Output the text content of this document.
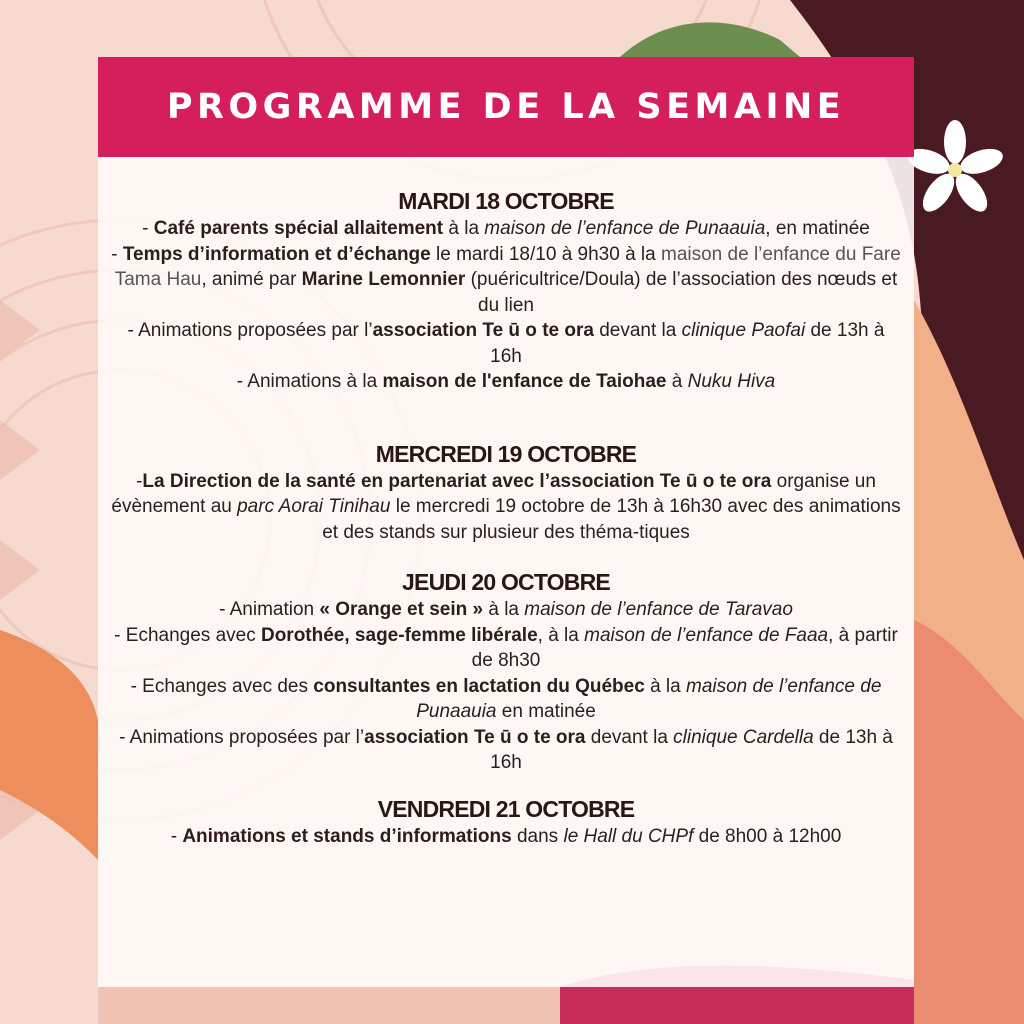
PROGRAMME DE LA SEMAINE
MARDI 18 OCTOBRE

- Café parents spécial allaitement à la maison de l’enfance de Punaauia, en matinée

- Temps d’information et d’échange le mardi 18/10 à 9h30 à la maison de l’enfance du Fare Tama Hau, animé par Marine Lemonnier (puéricultrice/Doula) de l’association des nœuds et du lien

- Animations proposées par l’association Te ū o te ora devant la clinique Paofai de 13h à 16h

- Animations à la maison de l'enfance de Taiohae à Nuku Hiva

MERCREDI 19 OCTOBRE

-La Direction de la santé en partenariat avec l’association Te ū o te ora organise un évènement au parc Aorai Tinihau le mercredi 19 octobre de 13h à 16h30 avec des animations et des stands sur plusieur des théma-tiques

JEUDI 20 OCTOBRE

- Animation « Orange et sein » à la maison de l’enfance de Taravao

- Echanges avec Dorothée, sage-femme libérale, à la maison de l’enfance de Faaa, à partir de 8h30

- Echanges avec des consultantes en lactation du Québec à la maison de l’enfance de Punaauia en matinée

- Animations proposées par l’association Te ū o te ora devant la clinique Cardella de 13h à 16h

VENDREDI 21 OCTOBRE

- Animations et stands d’informations dans le Hall du CHPf de 8h00 à 12h00
